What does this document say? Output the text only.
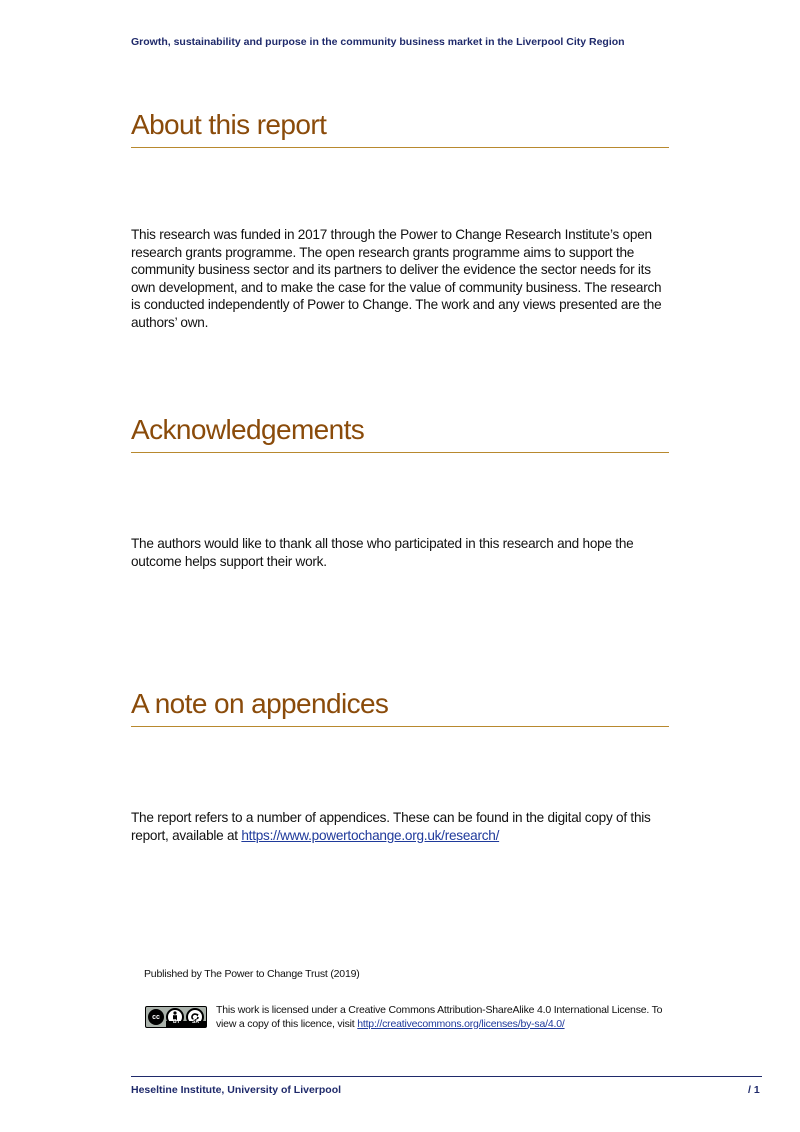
Growth, sustainability and purpose in the community business market in the Liverpool City Region
About this report

This research was funded in 2017 through the Power to Change Research Institute’s open research grants programme. The open research grants programme aims to support the community business sector and its partners to deliver the evidence the sector needs for its own development, and to make the case for the value of community business. The research is conducted independently of Power to Change. The work and any views presented are the authors’ own.

Acknowledgements

The authors would like to thank all those who participated in this research and hope the outcome helps support their work.

A note on appendices

The report refers to a number of appendices. These can be found in the digital copy of this report, available at https://www.powertochange.org.uk/research/

Published by The Power to Change Trust (2019)
cc
BY SA
This work is licensed under a Creative Commons Attribution-ShareAlike 4.0 International License. To view a copy of this licence, visit http://creativecommons.org/licenses/by-sa/4.0/
Heseltine Institute, University of Liverpool	/ 1
